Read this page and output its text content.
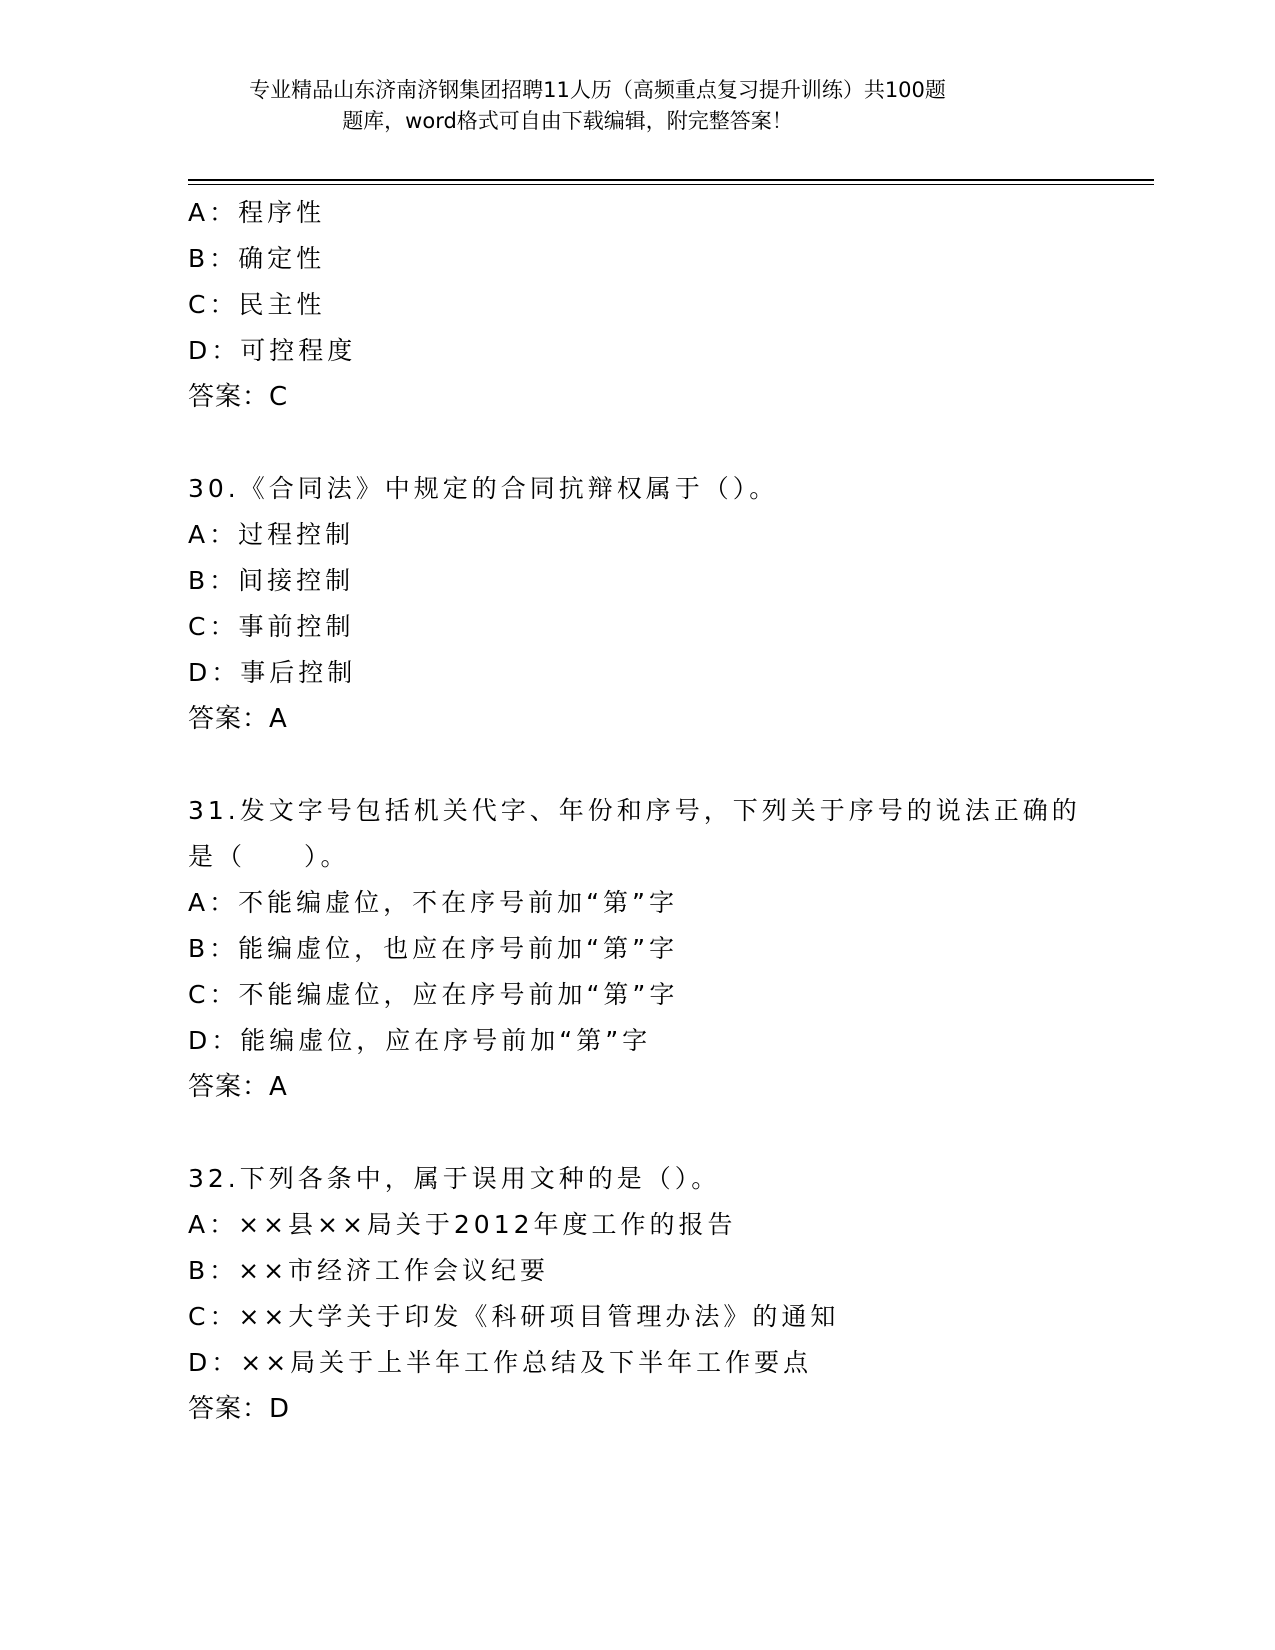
专业精品山东济南济钢集团招聘11人历（高频重点复习提升训练）共100题
题库，word格式可自由下载编辑，附完整答案！
A：程序性
B：确定性
C：民主性
D：可控程度
答案：C
30.《合同法》中规定的合同抗辩权属于（）。
A：过程控制
B：间接控制
C：事前控制
D：事后控制
答案：A
31.发文字号包括机关代字、年份和序号，下列关于序号的说法正确的
是（　　）。
A：不能编虚位，不在序号前加“第”字
B：能编虚位，也应在序号前加“第”字
C：不能编虚位，应在序号前加“第”字
D：能编虚位，应在序号前加“第”字
答案：A
32.下列各条中，属于误用文种的是（）。
A：××县××局关于2012年度工作的报告
B：××市经济工作会议纪要
C：××大学关于印发《科研项目管理办法》的通知
D：××局关于上半年工作总结及下半年工作要点
答案：D
